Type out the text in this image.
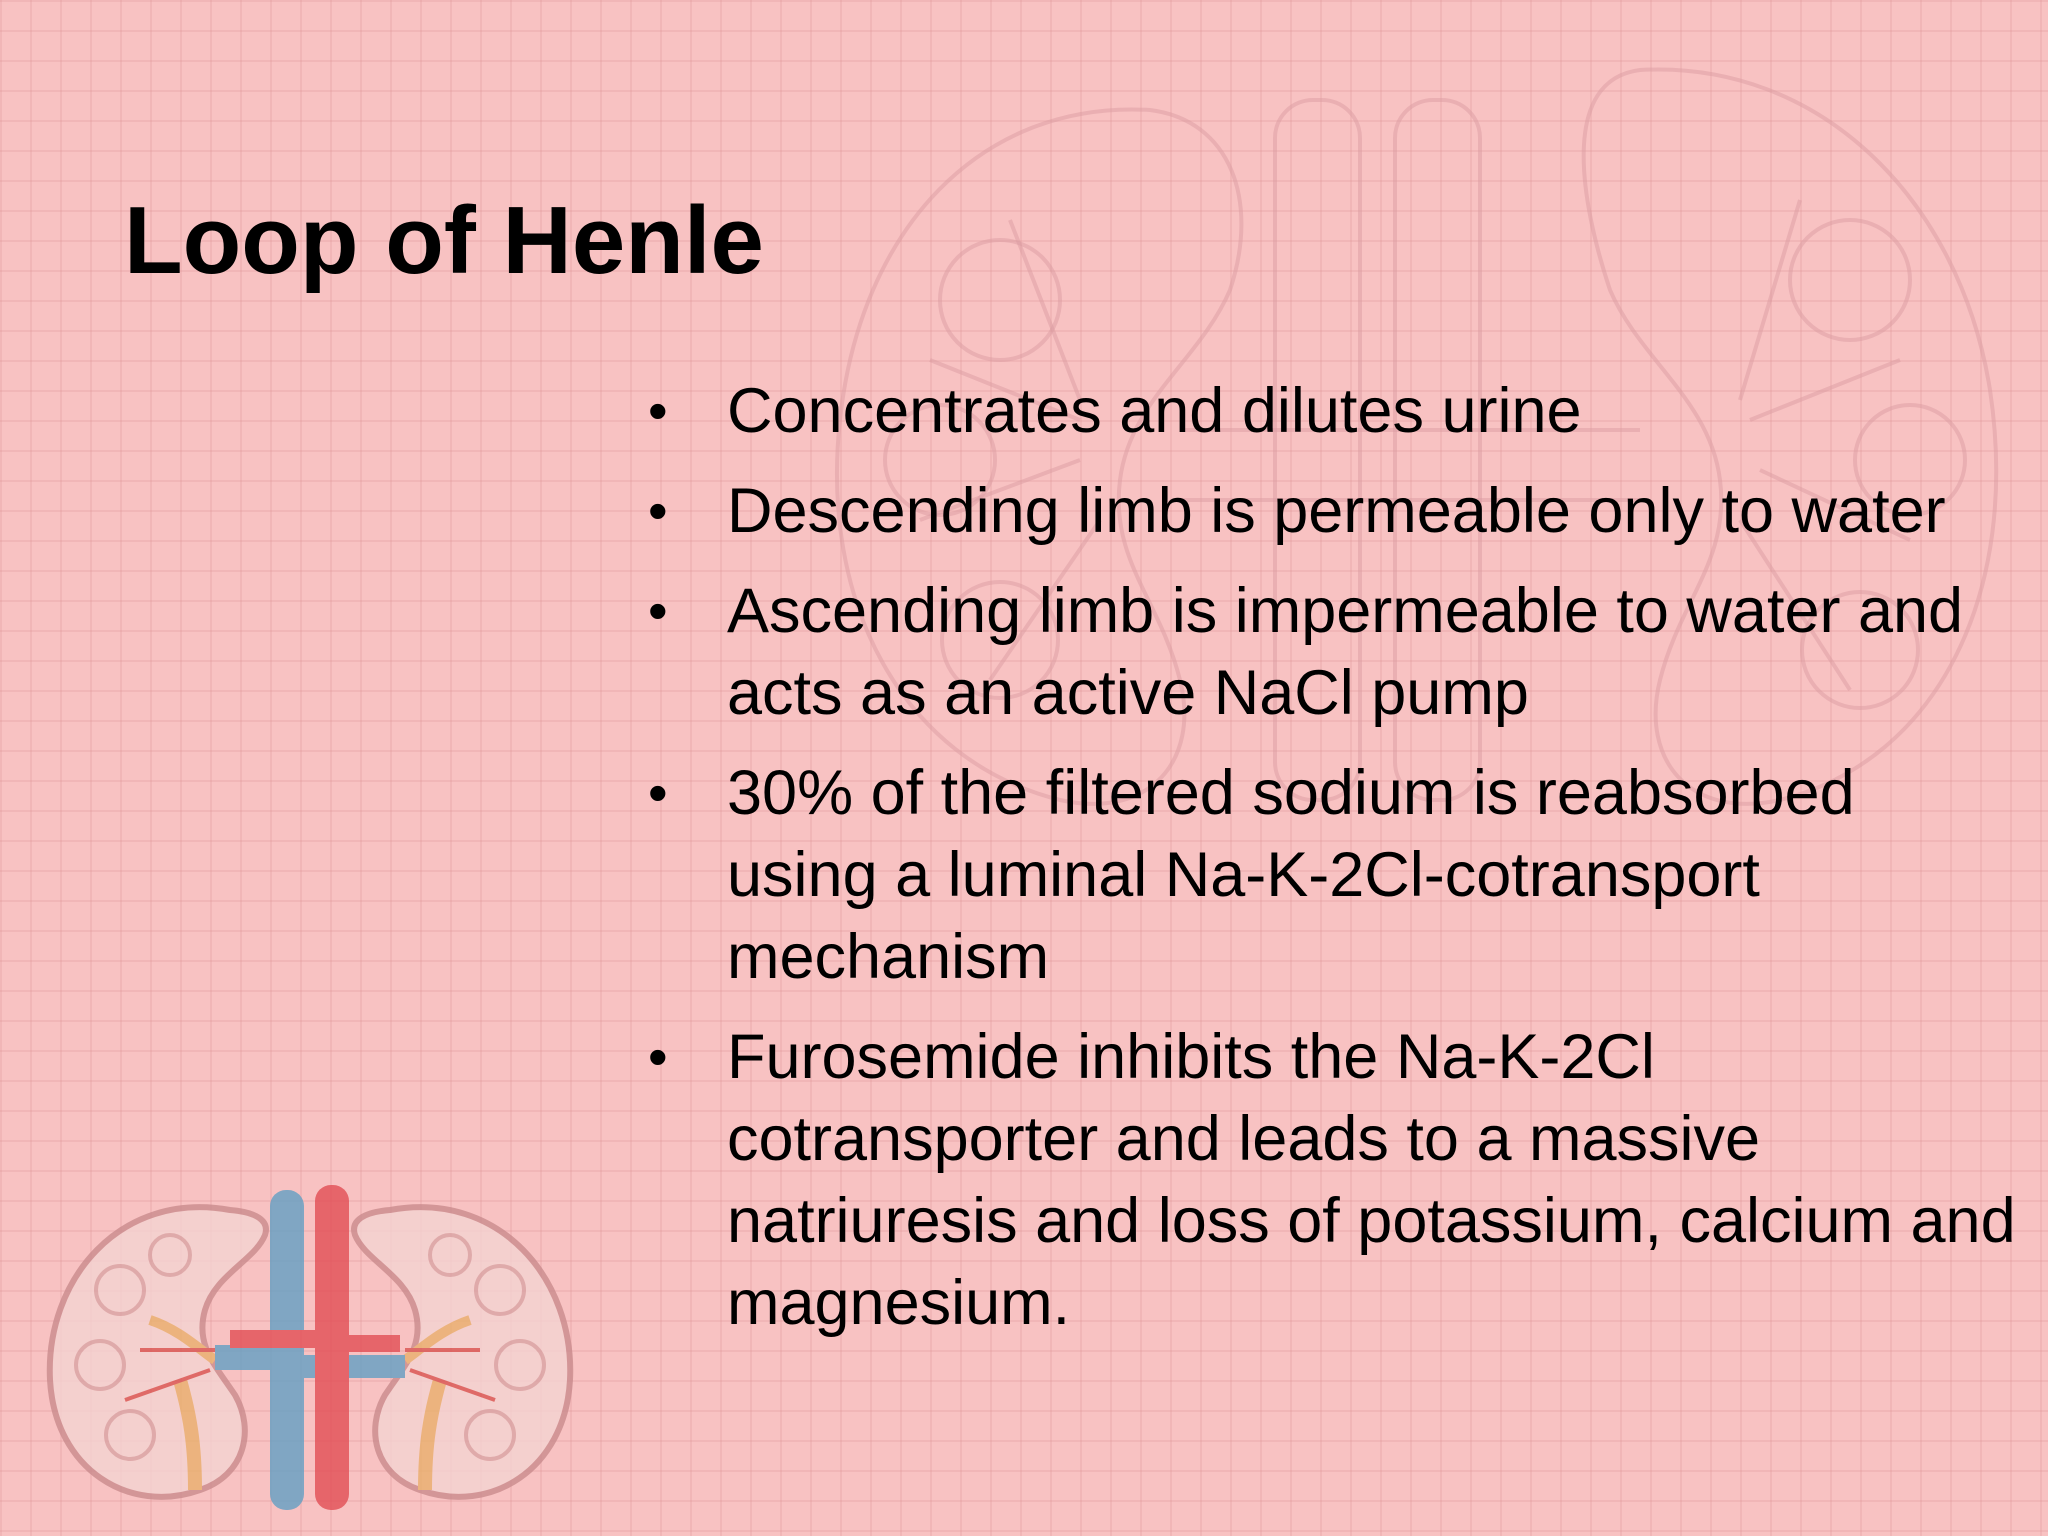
Loop of Henle
• Concentrates and dilutes urine
• Descending limb is permeable only to water
• Ascending limb is impermeable to water and acts as an active NaCl pump
• 30% of the filtered sodium is reabsorbed using a luminal Na-K-2Cl-cotransport mechanism
• Furosemide inhibits the Na-K-2Cl cotransporter and leads to a massive natriuresis and loss of potassium, calcium and magnesium.
